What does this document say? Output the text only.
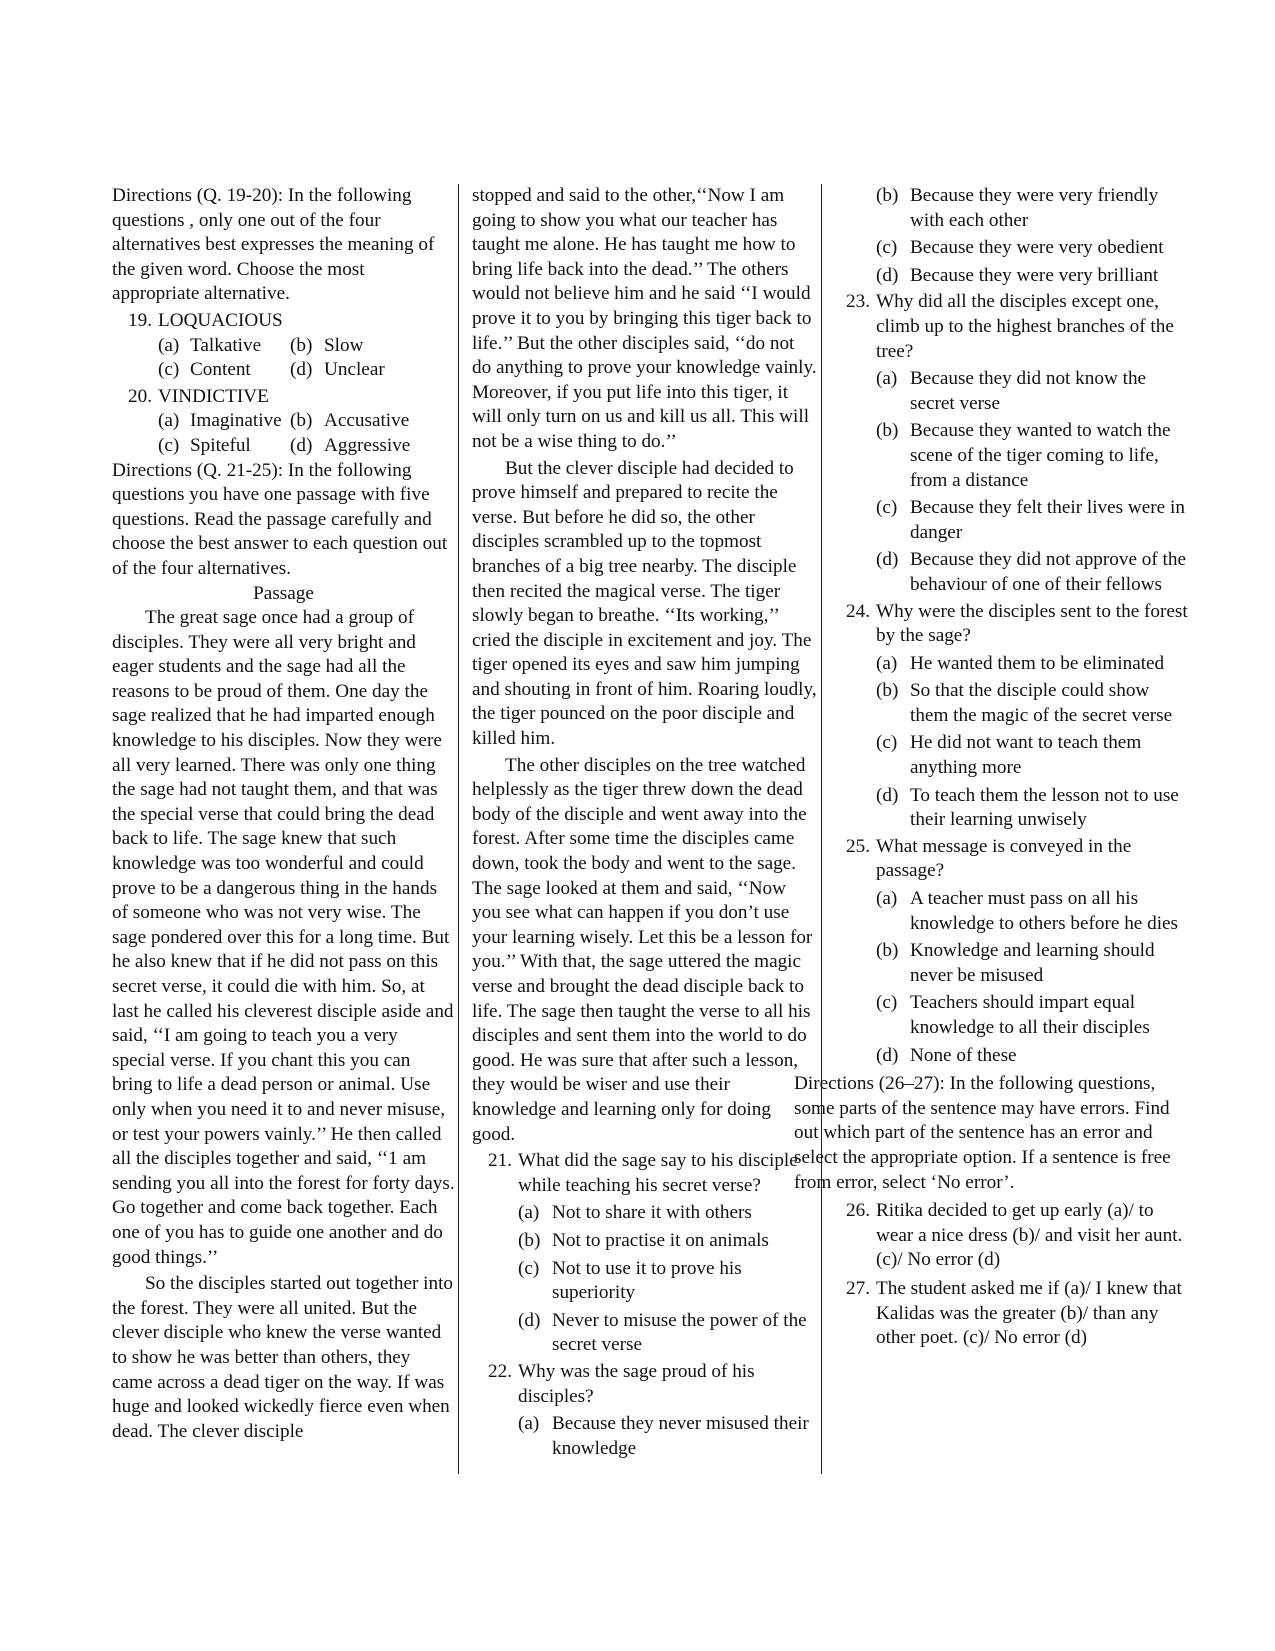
Directions (Q. 19-20): In the following questions , only one out of the four alternatives best expresses the meaning of the given word. Choose the most appropriate alternative.

19. LOQUACIOUS
(a) Talkative	(b) Slow
(c) Content	(d) Unclear
20. VINDICTIVE
(a) Imaginative (b) Accusative
(c) Spiteful	(d) Aggressive

Directions (Q. 21-25): In the following questions you have one passage with five questions. Read the passage carefully and choose the best answer to each question out of the four alternatives.

Passage

The great sage once had a group of disciples. They were all very bright and eager students and the sage had all the reasons to be proud of them. One day the sage realized that he had imparted enough knowledge to his disciples. Now they were all very learned. There was only one thing the sage had not taught them, and that was the special verse that could bring the dead back to life. The sage knew that such knowledge was too wonderful and could prove to be a dangerous thing in the hands of someone who was not very wise. The sage pondered over this for a long time. But he also knew that if he did not pass on this secret verse, it could die with him. So, at last he called his cleverest disciple aside and said, ‘‘I am going to teach you a very special verse. If you chant this you can bring to life a dead person or animal. Use only when you need it to and never misuse, or test your powers vainly.’’ He then called all the disciples together and said, ‘‘1 am sending you all into the forest for forty days. Go together and come back together. Each one of you has to guide one another and do good things.’’

So the disciples started out together into the forest. They were all united. But the clever disciple who knew the verse wanted to show he was better than others, they came across a dead tiger on the way. If was huge and looked wickedly fierce even when dead. The clever disciple

stopped and said to the other,‘‘Now I am going to show you what our teacher has taught me alone. He has taught me how to bring life back into the dead.’’ The others would not believe him and he said ‘‘I would prove it to you by bringing this tiger back to life.’’ But the other disciples said, ‘‘do not do anything to prove your knowledge vainly. Moreover, if you put life into this tiger, it will only turn on us and kill us all. This will not be a wise thing to do.’’

But the clever disciple had decided to prove himself and prepared to recite the verse. But before he did so, the other disciples scrambled up to the topmost branches of a big tree nearby. The disciple then recited the magical verse. The tiger slowly began to breathe. ‘‘Its working,’’ cried the disciple in excitement and joy. The tiger opened its eyes and saw him jumping and shouting in front of him. Roaring loudly, the tiger pounced on the poor disciple and killed him.

The other disciples on the tree watched helplessly as the tiger threw down the dead body of the disciple and went away into the forest. After some time the disciples came down, took the body and went to the sage. The sage looked at them and said, ‘‘Now you see what can happen if you don’t use your learning wisely. Let this be a lesson for you.’’ With that, the sage uttered the magic verse and brought the dead disciple back to life. The sage then taught the verse to all his disciples and sent them into the world to do good. He was sure that after such a lesson, they would be wiser and use their knowledge and learning only for doing good.

21. What did the sage say to his disciple while teaching his secret verse?
(a) Not to share it with others
(b) Not to practise it on animals
(c) Not to use it to prove his superiority
(d) Never to misuse the power of the secret verse
22. Why was the sage proud of his disciples?
(a) Because they never misused their knowledge
(b) Because they were very friendly with each other
(c) Because they were very obedient
(d) Because they were very brilliant
23. Why did all the disciples except one, climb up to the highest branches of the tree?
(a) Because they did not know the secret verse
(b) Because they wanted to watch the scene of the tiger coming to life, from a distance
(c) Because they felt their lives were in danger
(d) Because they did not approve of the behaviour of one of their fellows
24. Why were the disciples sent to the forest by the sage?
(a) He wanted them to be eliminated
(b) So that the disciple could show them the magic of the secret verse
(c) He did not want to teach them anything more
(d) To teach them the lesson not to use their learning unwisely
25. What message is conveyed in the passage?
(a) A teacher must pass on all his knowledge to others before he dies
(b) Knowledge and learning should never be misused
(c) Teachers should impart equal knowledge to all their disciples
(d) None of these

Directions (26–27): In the following questions, some parts of the sentence may have errors. Find out which part of the sentence has an error and select the appropriate option. If a sentence is free from error, select ‘No error’.

26. Ritika decided to get up early (a)/ to wear a nice dress (b)/ and visit her aunt. (c)/ No error (d)
27. The student asked me if (a)/ I knew that Kalidas was the greater (b)/ than any other poet. (c)/ No error (d)
